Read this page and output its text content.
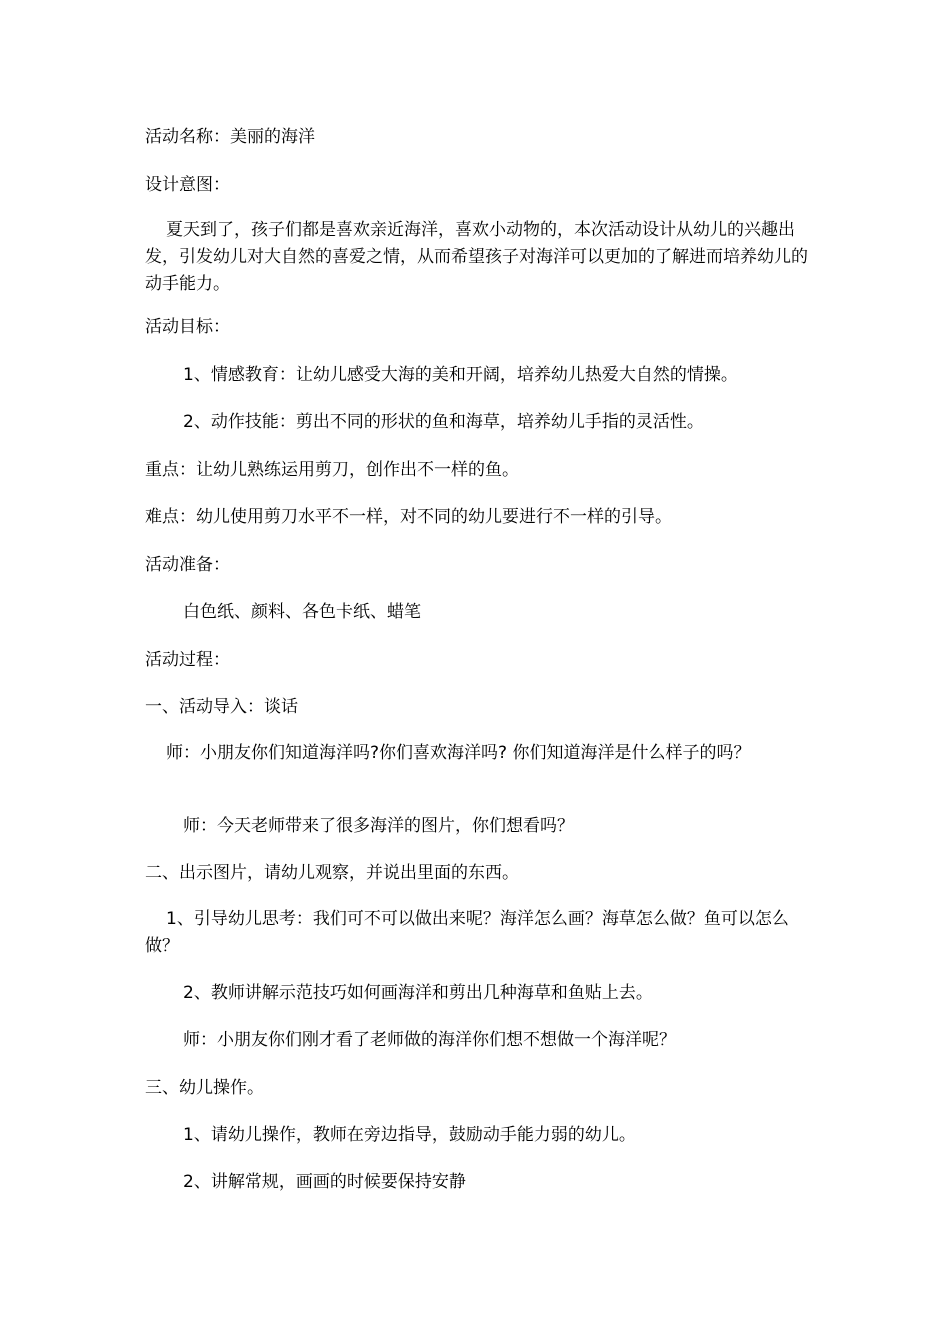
活动名称：美丽的海洋
设计意图：
夏天到了，孩子们都是喜欢亲近海洋，喜欢小动物的，本次活动设计从幼儿的兴趣出发，引发幼儿对大自然的喜爱之情，从而希望孩子对海洋可以更加的了解进而培养幼儿的动手能力。
活动目标：
1、情感教育：让幼儿感受大海的美和开阔，培养幼儿热爱大自然的情操。
2、动作技能：剪出不同的形状的鱼和海草，培养幼儿手指的灵活性。
重点：让幼儿熟练运用剪刀，创作出不一样的鱼。
难点：幼儿使用剪刀水平不一样，对不同的幼儿要进行不一样的引导。
活动准备：
白色纸、颜料、各色卡纸、蜡笔
活动过程：
一、活动导入：谈话
师：小朋友你们知道海洋吗?你们喜欢海洋吗? 你们知道海洋是什么样子的吗？
师：今天老师带来了很多海洋的图片，你们想看吗？
二、出示图片，请幼儿观察，并说出里面的东西。
1、引导幼儿思考：我们可不可以做出来呢？海洋怎么画？海草怎么做？鱼可以怎么做？
2、教师讲解示范技巧如何画海洋和剪出几种海草和鱼贴上去。
师：小朋友你们刚才看了老师做的海洋你们想不想做一个海洋呢？
三、幼儿操作。
1、请幼儿操作，教师在旁边指导，鼓励动手能力弱的幼儿。
2、讲解常规，画画的时候要保持安静
